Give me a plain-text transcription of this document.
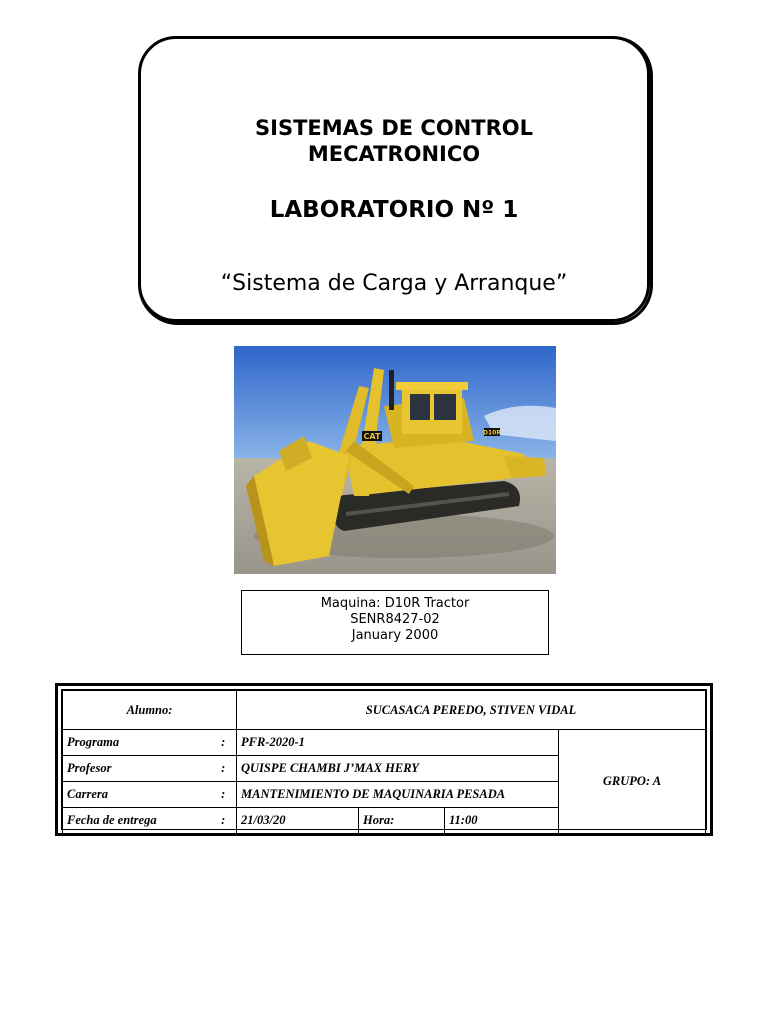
SISTEMAS DE CONTROL
MECATRONICO
LABORATORIO Nº 1
“Sistema de Carga y Arranque”
CAT	D10R
Maquina: D10R Tractor
SENR8427-02
January 2000
Alumno:		SUCASACA PEREDO, STIVEN VIDAL			
Programa	:	PFR-2020-1			GRUPO: A
Profesor	:	QUISPE CHAMBI J’MAX HERY			
Carrera	:	MANTENIMIENTO DE MAQUINARIA PESADA			
Fecha de entrega	:	21/03/20	Hora:	11:00	
